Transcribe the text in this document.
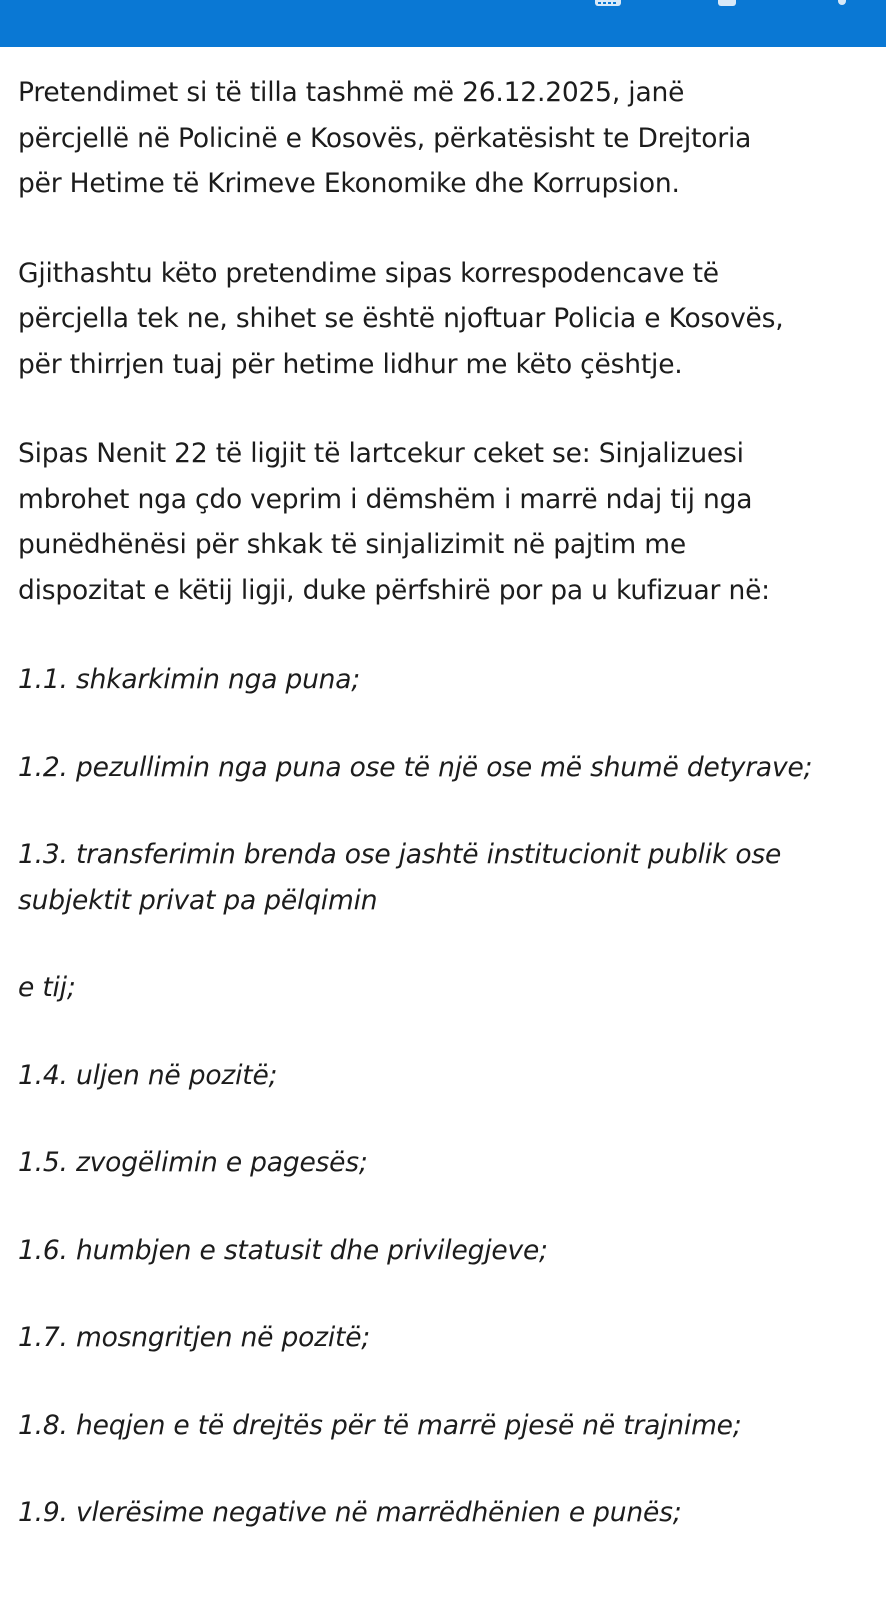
Pretendimet si të tilla tashmë më 26.12.2025, janë
përcjellë në Policinë e Kosovës, përkatësisht te Drejtoria
për Hetime të Krimeve Ekonomike dhe Korrupsion.

Gjithashtu këto pretendime sipas korrespodencave të
përcjella tek ne, shihet se është njoftuar Policia e Kosovës,
për thirrjen tuaj për hetime lidhur me këto çështje.

Sipas Nenit 22 të ligjit të lartcekur ceket se: Sinjalizuesi
mbrohet nga çdo veprim i dëmshëm i marrë ndaj tij nga
punëdhënësi për shkak të sinjalizimit në pajtim me
dispozitat e këtij ligji, duke përfshirë por pa u kufizuar në:

1.1. shkarkimin nga puna;

1.2. pezullimin nga puna ose të një ose më shumë detyrave;

1.3. transferimin brenda ose jashtë institucionit publik ose subjektit privat pa pëlqimin

e tij;

1.4. uljen në pozitë;

1.5. zvogëlimin e pagesës;

1.6. humbjen e statusit dhe privilegjeve;

1.7. mosngritjen në pozitë;

1.8. heqjen e të drejtës për të marrë pjesë në trajnime;

1.9. vlerësime negative në marrëdhënien e punës;
